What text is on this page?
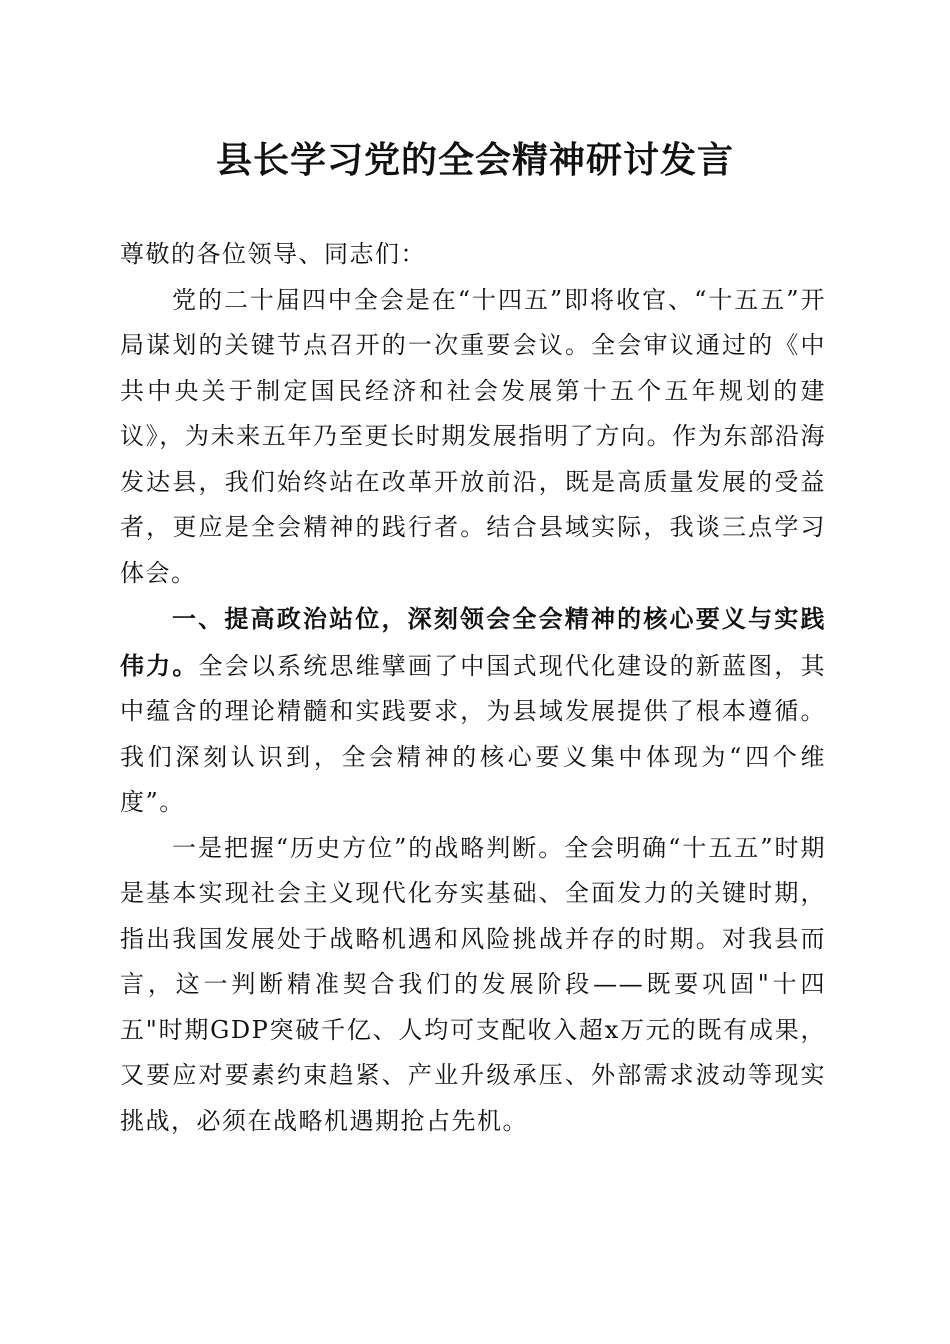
县长学习党的全会精神研讨发言

尊敬的各位领导、同志们：

党的二十届四中全会是在“十四五”即将收官、“十五五”开局谋划的关键节点召开的一次重要会议。全会审议通过的《中共中央关于制定国民经济和社会发展第十五个五年规划的建议》，为未来五年乃至更长时期发展指明了方向。作为东部沿海发达县，我们始终站在改革开放前沿，既是高质量发展的受益者，更应是全会精神的践行者。结合县域实际，我谈三点学习体会。

一、提高政治站位，深刻领会全会精神的核心要义与实践伟力。全会以系统思维擘画了中国式现代化建设的新蓝图，其中蕴含的理论精髓和实践要求，为县域发展提供了根本遵循。我们深刻认识到，全会精神的核心要义集中体现为“四个维度”。

一是把握“历史方位”的战略判断。全会明确“十五五”时期是基本实现社会主义现代化夯实基础、全面发力的关键时期，指出我国发展处于战略机遇和风险挑战并存的时期。对我县而言，这一判断精准契合我们的发展阶段——既要巩固"十四五"时期GDP突破千亿、人均可支配收入超x万元的既有成果，又要应对要素约束趋紧、产业升级承压、外部需求波动等现实挑战，必须在战略机遇期抢占先机。
